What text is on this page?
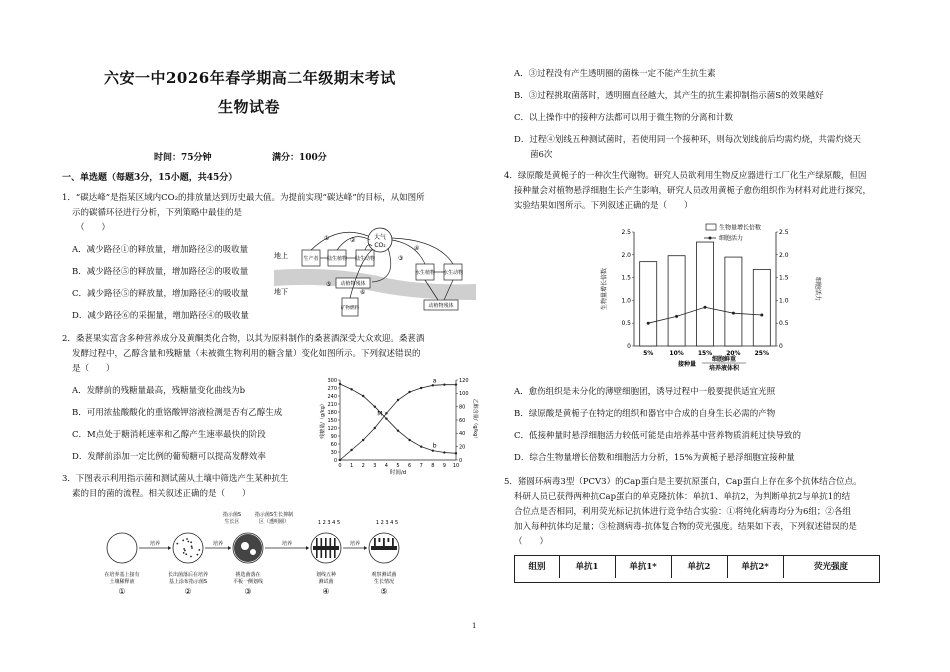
六安一中2026年春学期高二年级期末考试
生物试卷
时间：75分钟	满分：100分
一、单选题（每题3分，15小题，共45分）
1．“碳达峰”是指某区域内CO₂的排放量达到历史最大值。为提前实现“碳达峰”的目标，从如图所
示的碳循环径进行分析，下列策略中最佳的是
（　　）
A．减少路径①的释放量，增加路径②的吸收量
B．减少路径⑤的释放量，增加路径②的吸收量
C．减少路径⑤的释放量，增加路径④的吸收量
D．减少路径⑥的采掘量，增加路径④的吸收量
大气
CO₂
地上
地下
生产者 陆生植物 陆生动物
水生植物 水生动物
动植物残体
动植物残体
矿物燃料
①	②
③
④
⑤
⑥
2．桑葚果实富含多种营养成分及黄酮类化合物，以其为原料制作的桑葚酒深受大众欢迎。桑葚酒
发酵过程中，乙醇含量和残糖量（未被微生物利用的糖含量）变化如图所示。下列叙述错误的
是（　　）
A．发酵前的残糖量最高，残糖量变化曲线为b
B．可用浓盐酸酸化的重铬酸钾溶液检测是否有乙醇生成
C．M点处于糖消耗速率和乙醇产生速率最快的阶段
D．发酵前添加一定比例的葡萄糖可以提高发酵效率	0
30
60
90
120
150
180
210
240
270
300
0
20
40
60
80
100
120
0 1 2 3 4 5 6 7 8 9 10
时间/d
残糖量/（g/kg）	乙醇含量/（g/kg）
a
b
M
3．下图表示利用指示菌和测试菌从土壤中筛选产生某种抗生
素的目的菌的流程。相关叙述正确的是（　　）
指示菌S
生长区
指示菌S生长抑制
区（透明圈）	1 2 3 4 5	1 2 3 4 5
在培养基上接有
土壤稀释液
①
培养
长出菌落后在培养
基上涂布指示菌S
②
培养
挑选菌落在
平板一侧划线
③
培养
划线五种
测试菌
④
培养
观察测试菌
生长情况
⑤
A．③过程没有产生透明圈的菌株一定不能产生抗生素
B．③过程挑取菌落时，透明圈直径越大，其产生的抗生素抑制指示菌S的效果越好
C．以上操作中的接种方法都可以用于微生物的分离和计数
D．过程④划线五种测试菌时，若使用同一个接种环，则每次划线前后均需灼烧，共需灼烧天
菌6次
4．绿原酸是黄栀子的一种次生代谢物。研究人员欲利用生物反应器进行工厂化生产绿原酸，但因
接种量会对植物悬浮细胞生长产生影响，研究人员改用黄栀子愈伤组织作为材料对此进行探究，
实验结果如图所示。下列叙述正确的是（　　）
0	0
0.5	0.5
1.0	1.0
1.5	1.5
2.0	2.0
2.5	2.5
5%	10% 15% 20% 25%
生物量增长倍数	细胞活力
生物量增长倍数
细胞活力
接种量
细胞鲜重
培养液体积
A．愈伤组织是未分化的薄壁细胞团，诱导过程中一般要提供适宜光照
B．绿原酸是黄栀子在特定的组织和器官中合成的自身生长必需的产物
C．低接种量时悬浮细胞活力较低可能是由培养基中营养物质消耗过快导致的
D．综合生物量增长倍数和细胞活力分析，15%为黄栀子悬浮细胞宜接种量
5．猪圆环病毒3型（PCV3）的Cap蛋白是主要抗原蛋白，Cap蛋白上存在多个抗体结合位点。
科研人员已获得两种抗Cap蛋白的单克隆抗体：单抗1、单抗2，为判断单抗2与单抗1的结
合位点是否相同，利用荧光标记抗体进行竞争结合实验：①将纯化病毒均分为6组；②各组
加入每种抗体均足量；③检测病毒-抗体复合物的荧光强度。结果如下表，下列叙述错误的是
（　　）
组别	单抗1	单抗1*	单抗2	单抗2*	荧光强度
1
